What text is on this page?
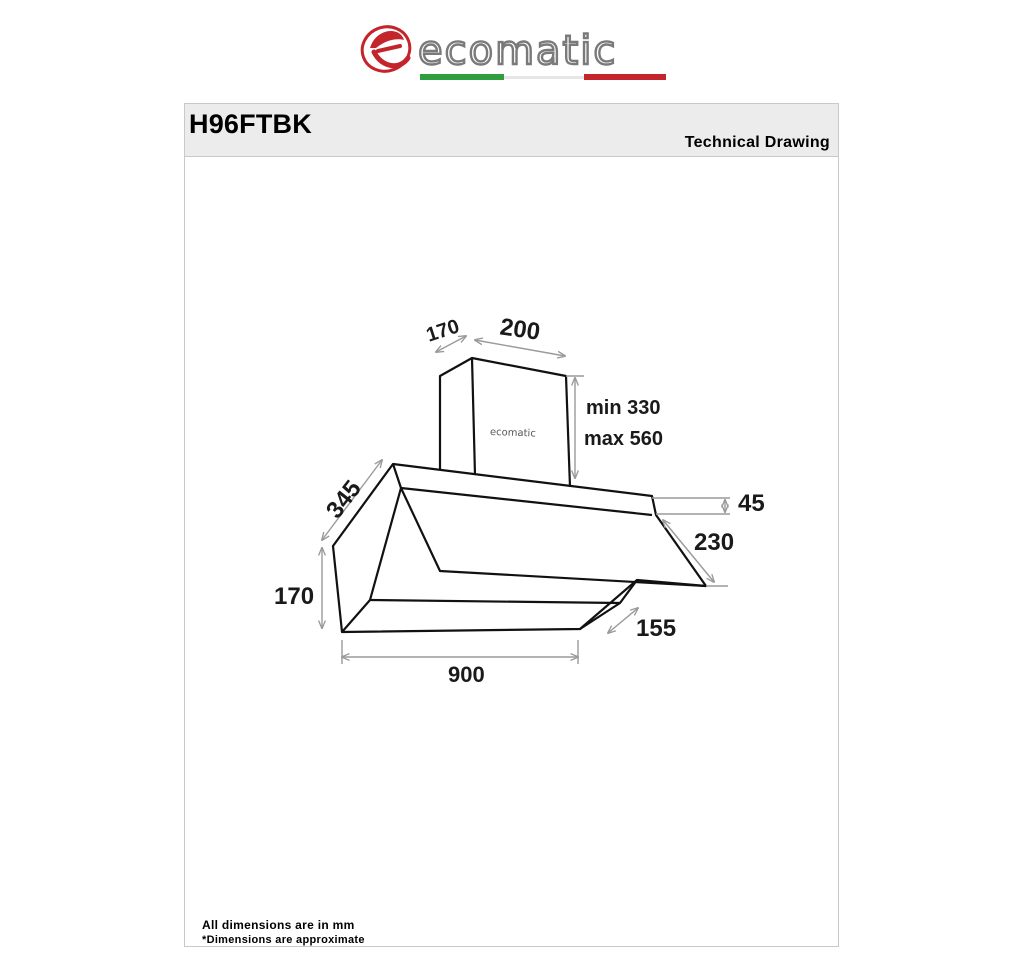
ecomatic
H96FTBK
Technical Drawing
ecomatic
170 200
min 330
max 560
345
170
900
45
230
155
All dimensions are in mm
*Dimensions are approximate
